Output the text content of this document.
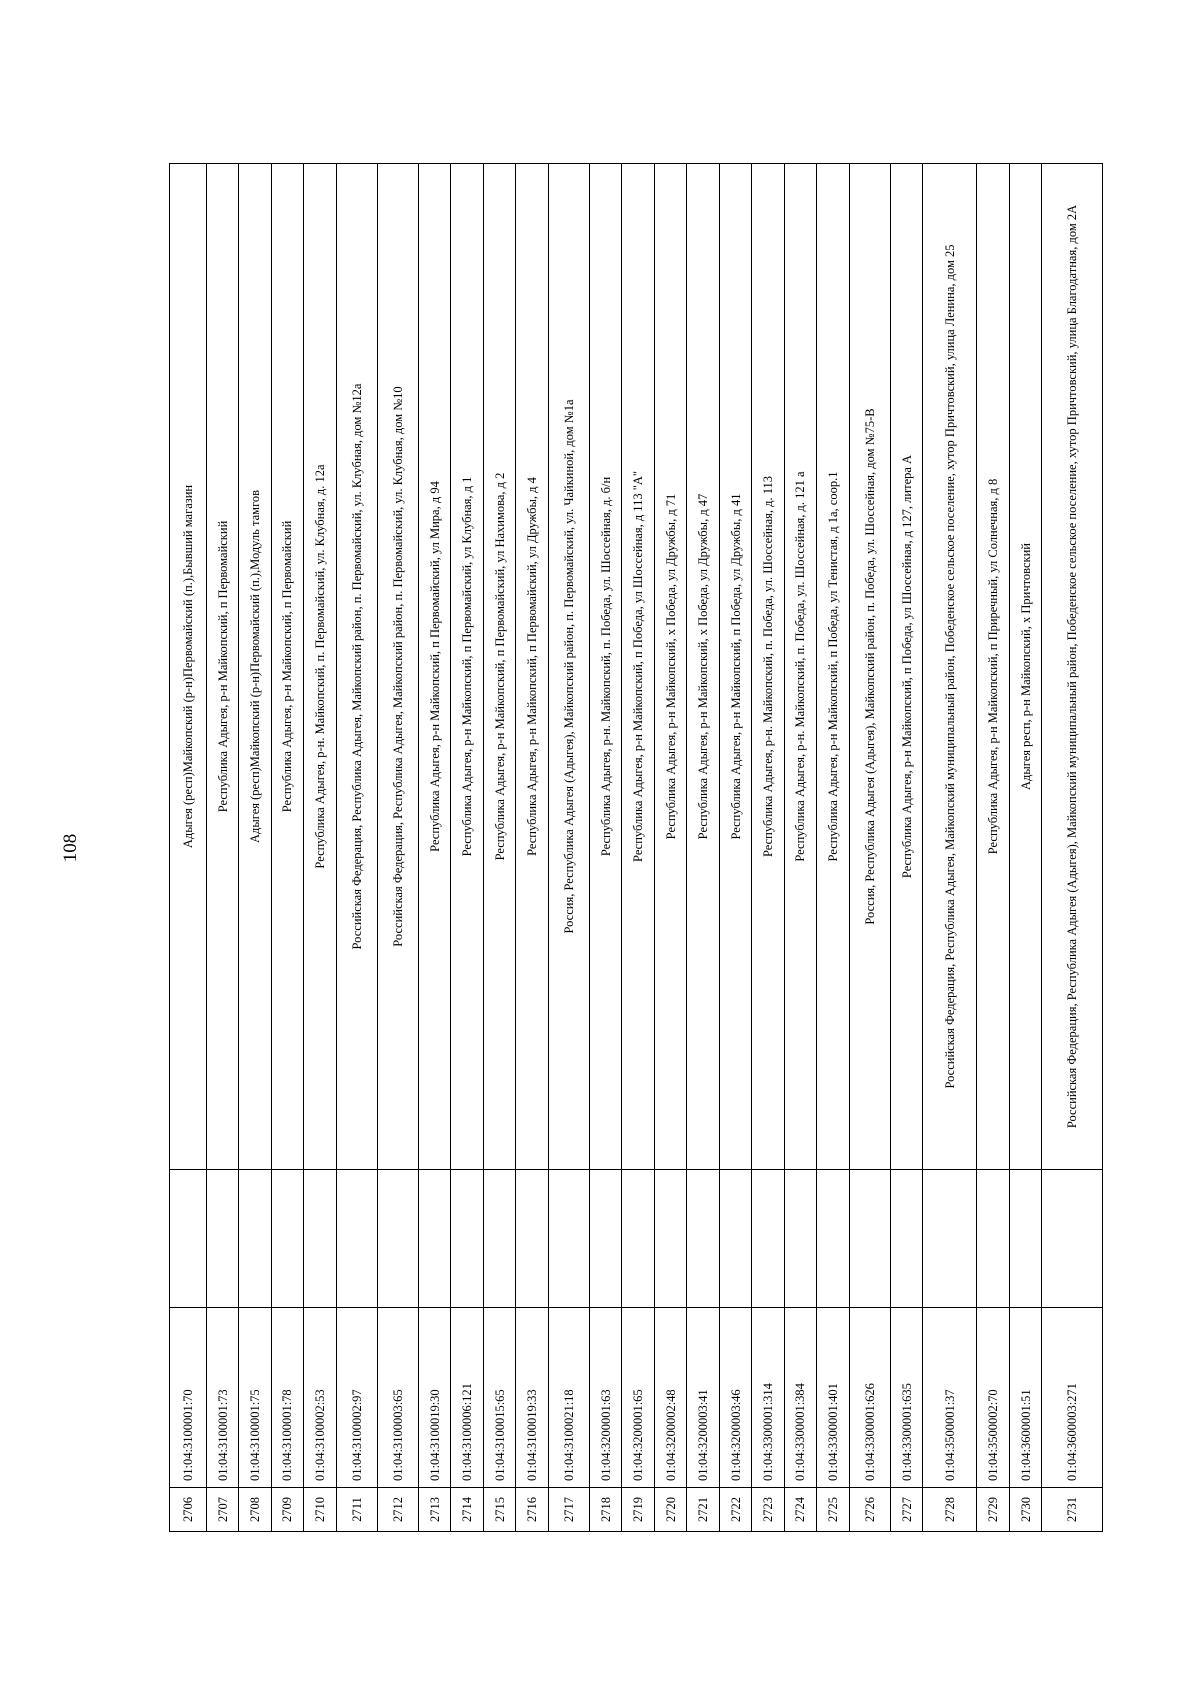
108
2706	01:04:3100001:70		Адыгея (респ)Майкопский (р-н)Первомайский (п.),Бывший магазин
2707	01:04:3100001:73		Республика Адыгея, р-н Майкопский, п Первомайский
2708	01:04:3100001:75		Адыгея (респ)Майкопский (р-н)Первомайский (п.),Модуль тамгов
2709	01:04:3100001:78		Республика Адыгея, р-н Майкопский, п Первомайский
2710	01:04:3100002:53		Республика Адыгея, р-н. Майкопский, п. Первомайский, ул. Клубная, д. 12а
2711	01:04:3100002:97		Российская Федерация, Республика Адыгея, Майкопский район, п. Первомайский, ул. Клубная, дом №12а
2712	01:04:3100003:65		Российская Федерация, Республика Адыгея, Майкопский район, п. Первомайский, ул. Клубная, дом №10
2713	01:04:3100019:30		Республика Адыгея, р-н Майкопский, п Первомайский, ул Мира, д 94
2714	01:04:3100006:121		Республика Адыгея, р-н Майкопский, п Первомайский, ул Клубная, д 1
2715	01:04:3100015:65		Республика Адыгея, р-н Майкопский, п Первомайский, ул Нахимова, д 2
2716	01:04:3100019:33		Республика Адыгея, р-н Майкопский, п Первомайский, ул Дружбы, д 4
2717	01:04:3100021:18		Россия, Республика Адыгея (Адыгея), Майкопский район, п. Первомайский, ул. Чайкиной, дом №1а
2718	01:04:3200001:63		Республика Адыгея, р-н. Майкопский, п. Победа, ул. Шоссейная, д. б/н
2719	01:04:3200001:65		Республика Адыгея, р-н Майкопский, п Победа, ул Шоссейная, д 113 "А"
2720	01:04:3200002:48		Республика Адыгея, р-н Майкопский, х Победа, ул Дружбы, д 71
2721	01:04:3200003:41		Республика Адыгея, р-н Майкопский, х Победа, ул Дружбы, д 47
2722	01:04:3200003:46		Республика Адыгея, р-н Майкопский, п Победа, ул Дружбы, д 41
2723	01:04:3300001:314		Республика Адыгея, р-н. Майкопский, п. Победа, ул. Шоссейная, д. 113
2724	01:04:3300001:384		Республика Адыгея, р-н. Майкопский, п. Победа, ул. Шоссейная, д. 121 а
2725	01:04:3300001:401		Республика Адыгея, р-н Майкопский, п Победа, ул Тенистая, д 1а, соор.1
2726	01:04:3300001:626		Россия, Республика Адыгея (Адыгея), Майкопский район, п. Победа, ул. Шоссейная, дом №75-В
2727	01:04:3300001:635		Республика Адыгея, р-н Майкопский, п Победа, ул Шоссейная, д 127, литера А
2728	01:04:3500001:37		Российская Федерация, Республика Адыгея, Майкопский муниципальный район, Победенское сельское поселение, хутор Причтовский, улица Ленина, дом 25
2729	01:04:3500002:70		Республика Адыгея, р-н Майкопский, п Приречный, ул Солнечная, д 8
2730	01:04:3600001:51		Адыгея респ, р-н Майкопский, х Причтовский
2731	01:04:3600003:271		Российская Федерация, Республика Адыгея (Адыгея), Майкопский муниципальный район, Победенское сельское поселение, хутор Причтовский, улица Благодатная, дом 2А
